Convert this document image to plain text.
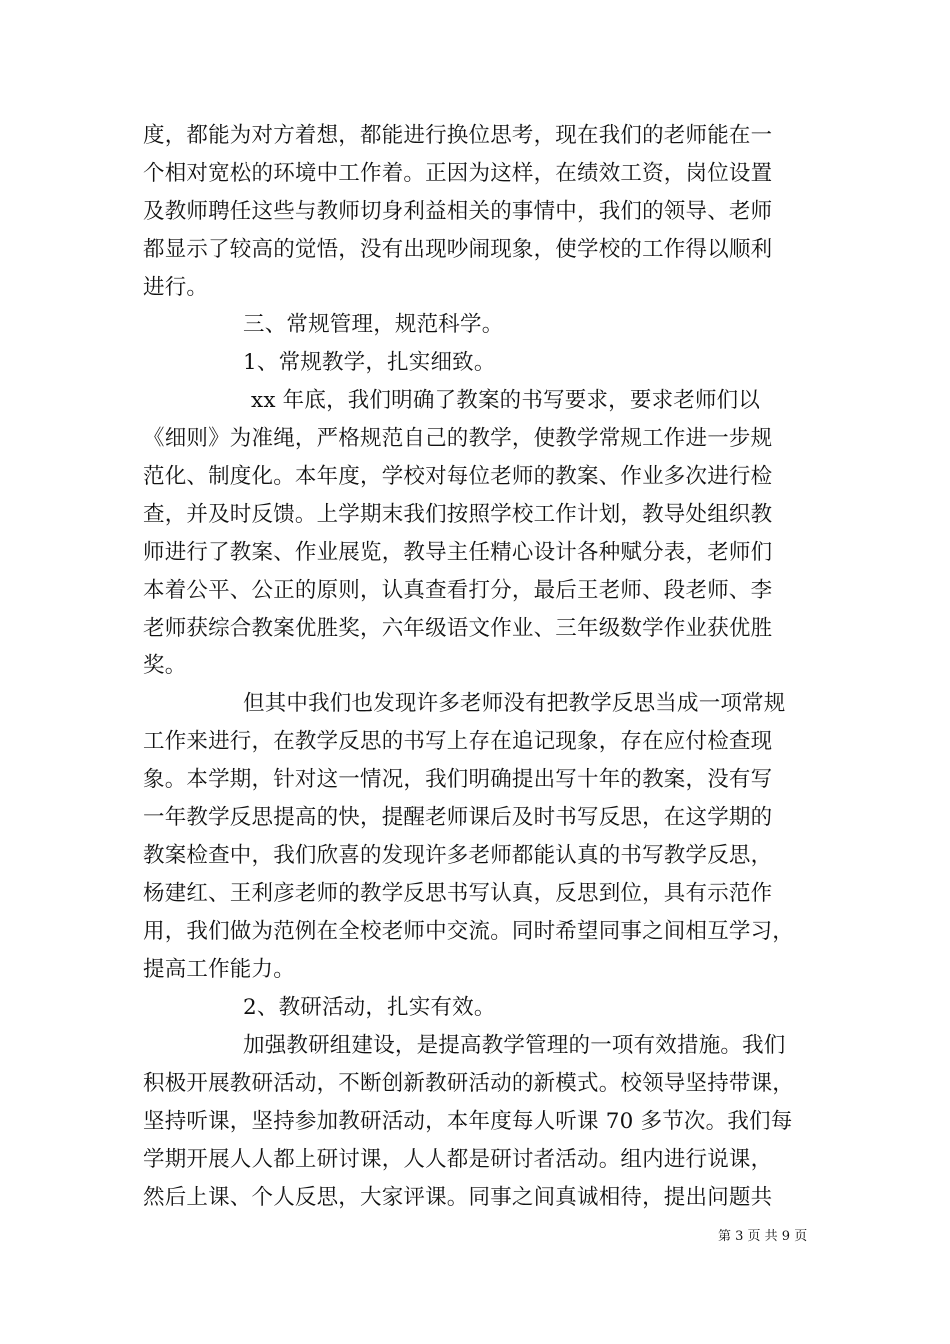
度，都能为对方着想，都能进行换位思考，现在我们的老师能在一
个相对宽松的环境中工作着。正因为这样，在绩效工资，岗位设置
及教师聘任这些与教师切身利益相关的事情中，我们的领导、老师
都显示了较高的觉悟，没有出现吵闹现象，使学校的工作得以顺利
进行。
三、常规管理，规范科学。
1、常规教学，扎实细致。
xx 年底，我们明确了教案的书写要求，要求老师们以
《细则》为准绳，严格规范自己的教学，使教学常规工作进一步规
范化、制度化。本年度，学校对每位老师的教案、作业多次进行检
查，并及时反馈。上学期末我们按照学校工作计划，教导处组织教
师进行了教案、作业展览，教导主任精心设计各种赋分表，老师们
本着公平、公正的原则，认真查看打分，最后王老师、段老师、李
老师获综合教案优胜奖，六年级语文作业、三年级数学作业获优胜
奖。
但其中我们也发现许多老师没有把教学反思当成一项常规
工作来进行，在教学反思的书写上存在追记现象，存在应付检查现
象。本学期，针对这一情况，我们明确提出写十年的教案，没有写
一年教学反思提高的快，提醒老师课后及时书写反思，在这学期的
教案检查中，我们欣喜的发现许多老师都能认真的书写教学反思，
杨建红、王利彦老师的教学反思书写认真，反思到位，具有示范作
用，我们做为范例在全校老师中交流。同时希望同事之间相互学习，
提高工作能力。
2、教研活动，扎实有效。
加强教研组建设，是提高教学管理的一项有效措施。我们
积极开展教研活动，不断创新教研活动的新模式。校领导坚持带课，
坚持听课，坚持参加教研活动，本年度每人听课 70 多节次。我们每
学期开展人人都上研讨课，人人都是研讨者活动。组内进行说课，
然后上课、个人反思，大家评课。同事之间真诚相待，提出问题共
第 3 页 共 9 页
